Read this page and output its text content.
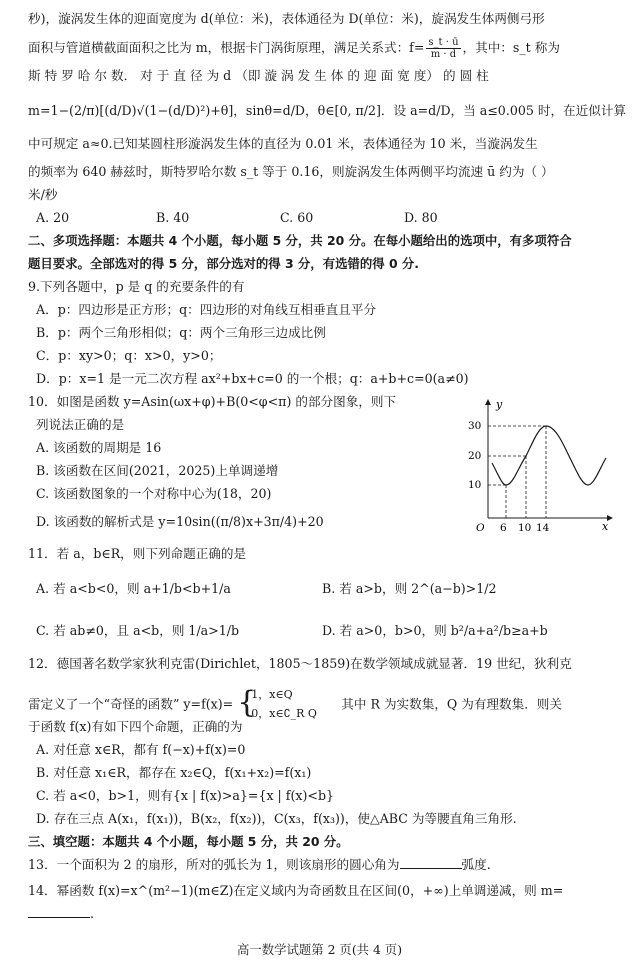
秒)，漩涡发生体的迎面宽度为 d(单位：米)，表体通径为 D(单位：米)，旋涡发生体两侧弓形
面积与管道横截面面积之比为 m，根据卡门涡街原理，满足关系式：$f= \frac{s\_t \cdot ū}{m \cdot d}$ ，其中：s_t 称为
斯 特 罗 哈 尔 数． 对 于 直 径 为 d （即 漩 涡 发 生 体 的 迎 面 宽 度） 的 圆 柱
m=1−(2/π)[(d/D)√(1−(d/D)²)+θ]，sinθ=d/D，θ∈[0, π/2]．设 a=d/D，当 a≤0.005 时，在近似计算
中可规定 a≈0.已知某圆柱形漩涡发生体的直径为 0.01 米，表体通径为 10 米，当漩涡发生
的频率为 640 赫兹时，斯特罗哈尔数 s_t 等于 0.16，则旋涡发生体两侧平均流速 ū 约为（ ）
米/秒
A. 20	B. 40	C. 60	D. 80
二、多项选择题：本题共 4 个小题，每小题 5 分，共 20 分。在每小题给出的选项中，有多项符合
题目要求。全部选对的得 5 分，部分选对的得 3 分，有选错的得 0 分.
9.下列各题中，p 是 q 的充要条件的有
A．p：四边形是正方形；q：四边形的对角线互相垂直且平分
B．p：两个三角形相似；q：两个三角形三边成比例
C．p：xy>0；q：x>0，y>0；
D．p：x=1 是一元二次方程 ax²+bx+c=0 的一个根；q：a+b+c=0(a≠0)
10．如图是函数 y=Asin(ωx+φ)+B(0<φ<π) 的部分图象，则下
列说法正确的是
A. 该函数的周期是 16
B. 该函数在区间(2021，2025)上单调递增
C. 该函数图象的一个对称中心为(18，20)
D. 该函数的解析式是 y=10sin((π/8)x+3π/4)+20
y
x
O
30
20
10
6 10 14
11．若 a，b∈R，则下列命题正确的是
A. 若 a<b<0，则 a+1/b<b+1/a	B. 若 a>b，则 2^(a−b)>1/2
C. 若 ab≠0，且 a<b，则 1/a>1/b	D. 若 a>0，b>0，则 b²/a+a²/b≥a+b
12．德国著名数学家狄利克雷(Dirichlet，1805～1859)在数学领域成就显著．19 世纪，狄利克
雷定义了一个“奇怪的函数” y=f(x)= {
1，x∈Q
0，x∈∁_R Q
其中 R 为实数集，Q 为有理数集．则关
于函数 f(x)有如下四个命题，正确的为
A. 对任意 x∈R，都有 f(−x)+f(x)=0
B. 对任意 x₁∈R，都存在 x₂∈Q，f(x₁+x₂)=f(x₁)
C. 若 a<0，b>1，则有{x | f(x)>a}={x | f(x)<b}
D. 存在三点 A(x₁，f(x₁))，B(x₂，f(x₂))，C(x₃，f(x₃))，使△ABC 为等腰直角三角形.
三、填空题：本题共 4 个小题，每小题 5 分，共 20 分。
13．一个面积为 2 的扇形，所对的弧长为 1，则该扇形的圆心角为	弧度.
14．幂函数 f(x)=x^(m²−1)(m∈Z)在定义域内为奇函数且在区间(0，+∞)上单调递减，则 m=
.
高一数学试题第 2 页(共 4 页)
